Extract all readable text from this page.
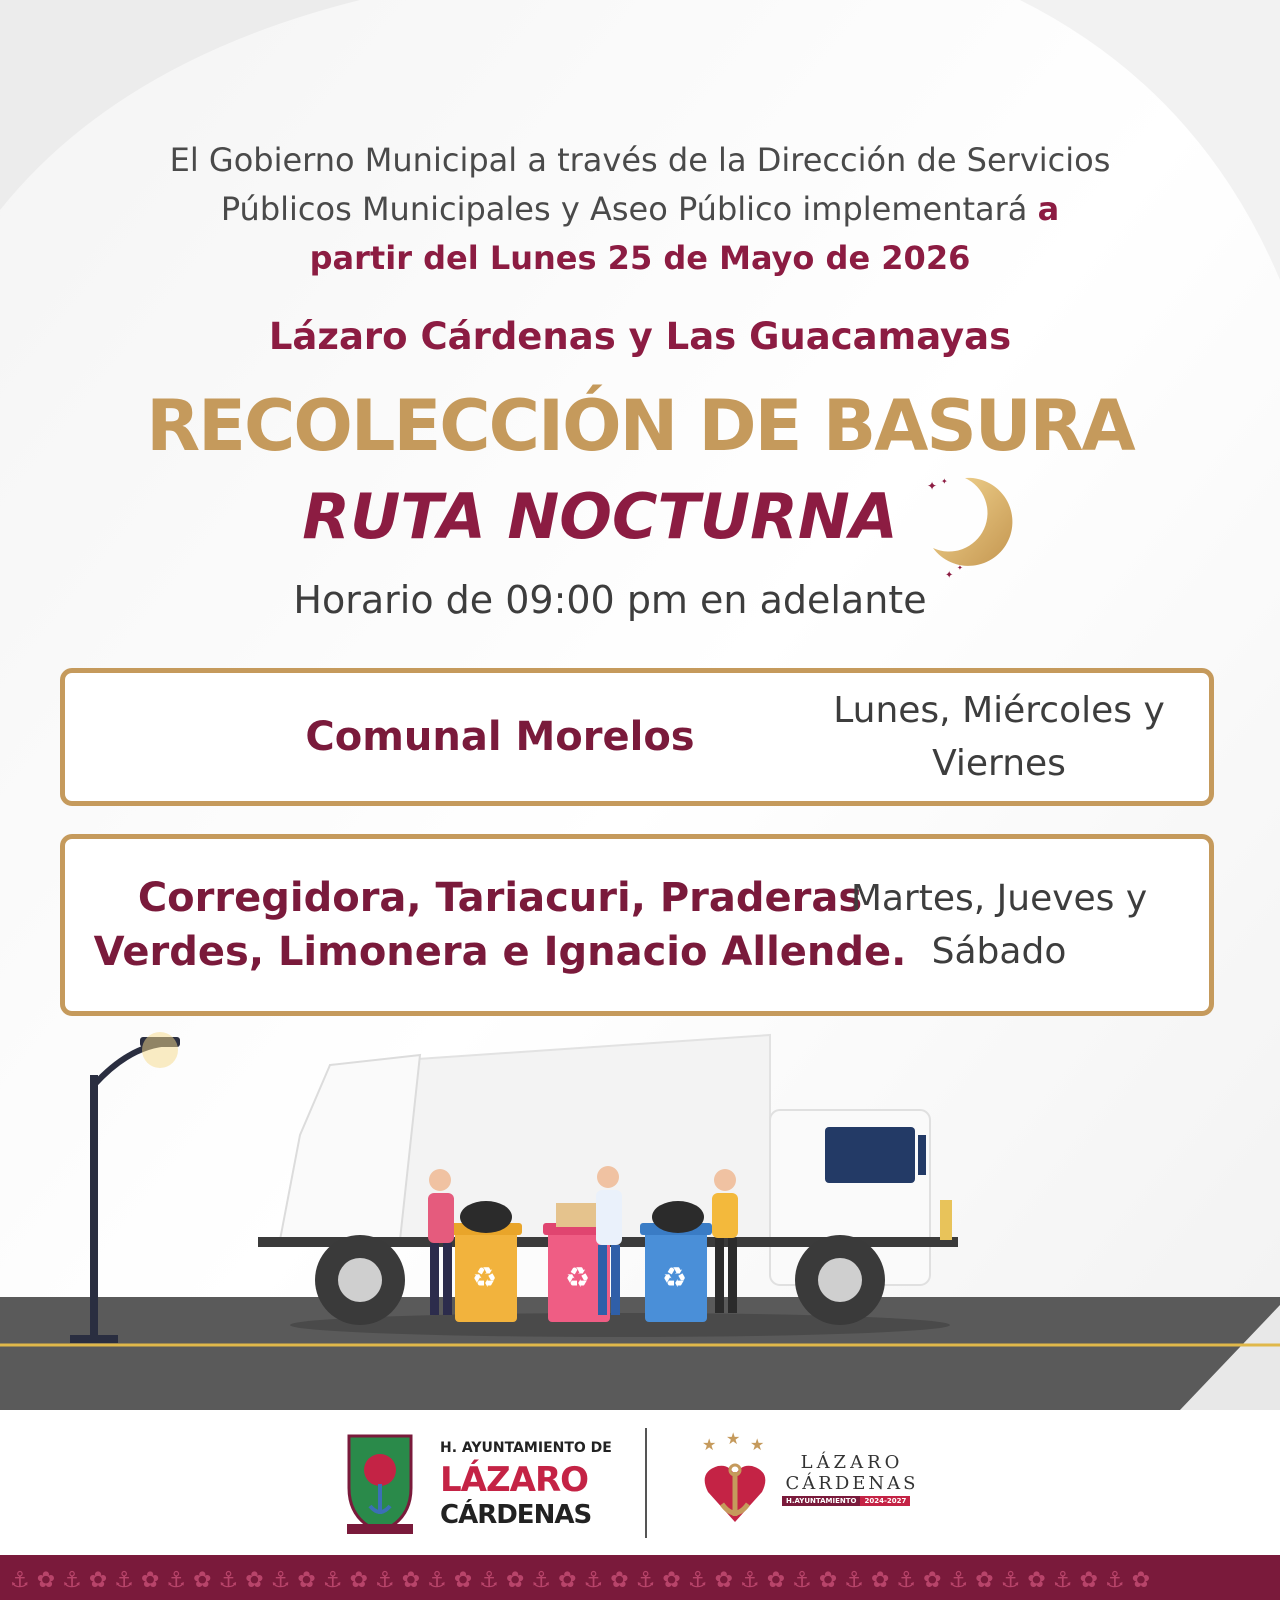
El Gobierno Municipal a través de la Dirección de Servicios
Públicos Municipales y Aseo Público implementará a
partir del Lunes 25 de Mayo de 2026
Lázaro Cárdenas y Las Guacamayas
RECOLECCIÓN DE BASURA
RUTA NOCTURNA	✦ ✦
✦
✦
Horario de 09:00 pm en adelante
Comunal Morelos
Lunes, Miércoles y Viernes
Corregidora, Tariacuri, Praderas Verdes, Limonera e Ignacio Allende.
Martes, Jueves y Sábado
♻ ♻	♻
H. AYUNTAMIENTO DE
LÁZARO
CÁRDENAS
★ ★ ★
LÁZARO
CÁRDENAS
H.AYUNTAMIENTO	2024-2027
⚓ ✿ ⚓ ✿ ⚓ ✿ ⚓ ✿ ⚓ ✿ ⚓ ✿ ⚓ ✿ ⚓ ✿ ⚓ ✿ ⚓ ✿ ⚓ ✿ ⚓ ✿ ⚓ ✿ ⚓ ✿ ⚓ ✿ ⚓ ✿ ⚓ ✿ ⚓ ✿ ⚓ ✿ ⚓ ✿ ⚓ ✿ ⚓ ✿
